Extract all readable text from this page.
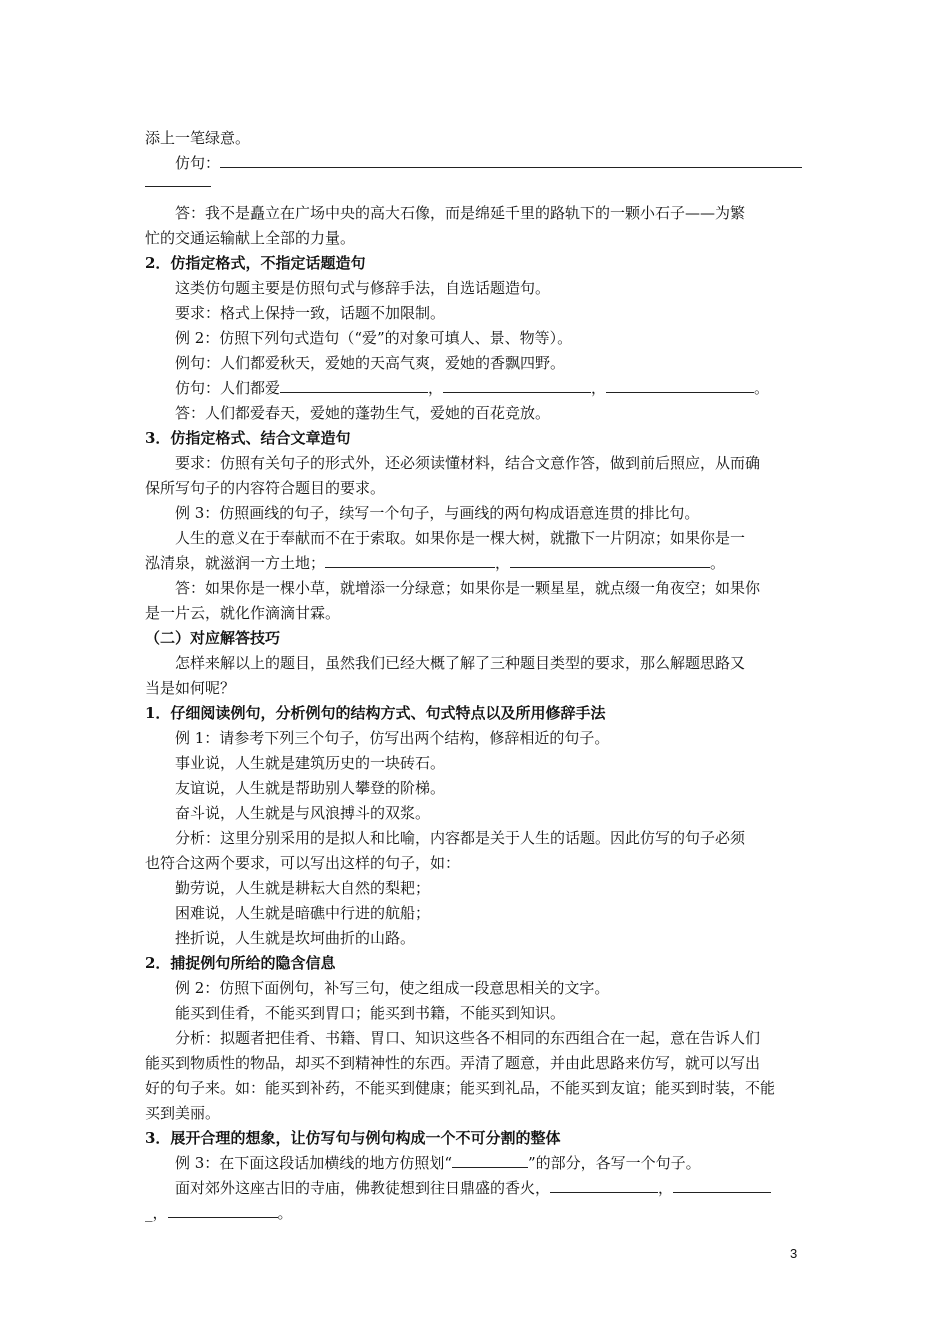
添上一笔绿意。
仿句：
答：我不是矗立在广场中央的高大石像，而是绵延千里的路轨下的一颗小石子——为繁
忙的交通运输献上全部的力量。
2．仿指定格式，不指定话题造句
这类仿句题主要是仿照句式与修辞手法，自选话题造句。
要求：格式上保持一致，话题不加限制。
例 2：仿照下列句式造句（“爱”的对象可填人、景、物等）。
例句：人们都爱秋天，爱她的天高气爽，爱她的香飘四野。
仿句：人们都爱	，	，	。
答：人们都爱春天，爱她的蓬勃生气，爱她的百花竞放。
3．仿指定格式、结合文章造句
要求：仿照有关句子的形式外，还必须读懂材料，结合文意作答，做到前后照应，从而确
保所写句子的内容符合题目的要求。
例 3：仿照画线的句子，续写一个句子，与画线的两句构成语意连贯的排比句。
人生的意义在于奉献而不在于索取。如果你是一棵大树，就撒下一片阴凉；如果你是一
泓清泉，就滋润一方土地；	，	。
答：如果你是一棵小草，就增添一分绿意；如果你是一颗星星，就点缀一角夜空；如果你
是一片云，就化作滴滴甘霖。
（二）对应解答技巧
怎样来解以上的题目，虽然我们已经大概了解了三种题目类型的要求，那么解题思路又
当是如何呢？
1．仔细阅读例句，分析例句的结构方式、句式特点以及所用修辞手法
例 1：请参考下列三个句子，仿写出两个结构，修辞相近的句子。
事业说，人生就是建筑历史的一块砖石。
友谊说，人生就是帮助别人攀登的阶梯。
奋斗说，人生就是与风浪搏斗的双浆。
分析：这里分别采用的是拟人和比喻，内容都是关于人生的话题。因此仿写的句子必须
也符合这两个要求，可以写出这样的句子，如：
勤劳说，人生就是耕耘大自然的梨耙；
困难说，人生就是暗礁中行进的航船；
挫折说，人生就是坎坷曲折的山路。
2．捕捉例句所给的隐含信息
例 2：仿照下面例句，补写三句，使之组成一段意思相关的文字。
能买到佳肴，不能买到胃口；能买到书籍，不能买到知识。
分析：拟题者把佳肴、书籍、胃口、知识这些各不相同的东西组合在一起，意在告诉人们
能买到物质性的物品，却买不到精神性的东西。弄清了题意，并由此思路来仿写，就可以写出
好的句子来。如：能买到补药，不能买到健康；能买到礼品，不能买到友谊；能买到时装，不能
买到美丽。
3．展开合理的想象，让仿写句与例句构成一个不可分割的整体
例 3：在下面这段话加横线的地方仿照划“	”的部分，各写一个句子。
面对郊外这座古旧的寺庙，佛教徒想到往日鼎盛的香火，	，
_，	。
3
